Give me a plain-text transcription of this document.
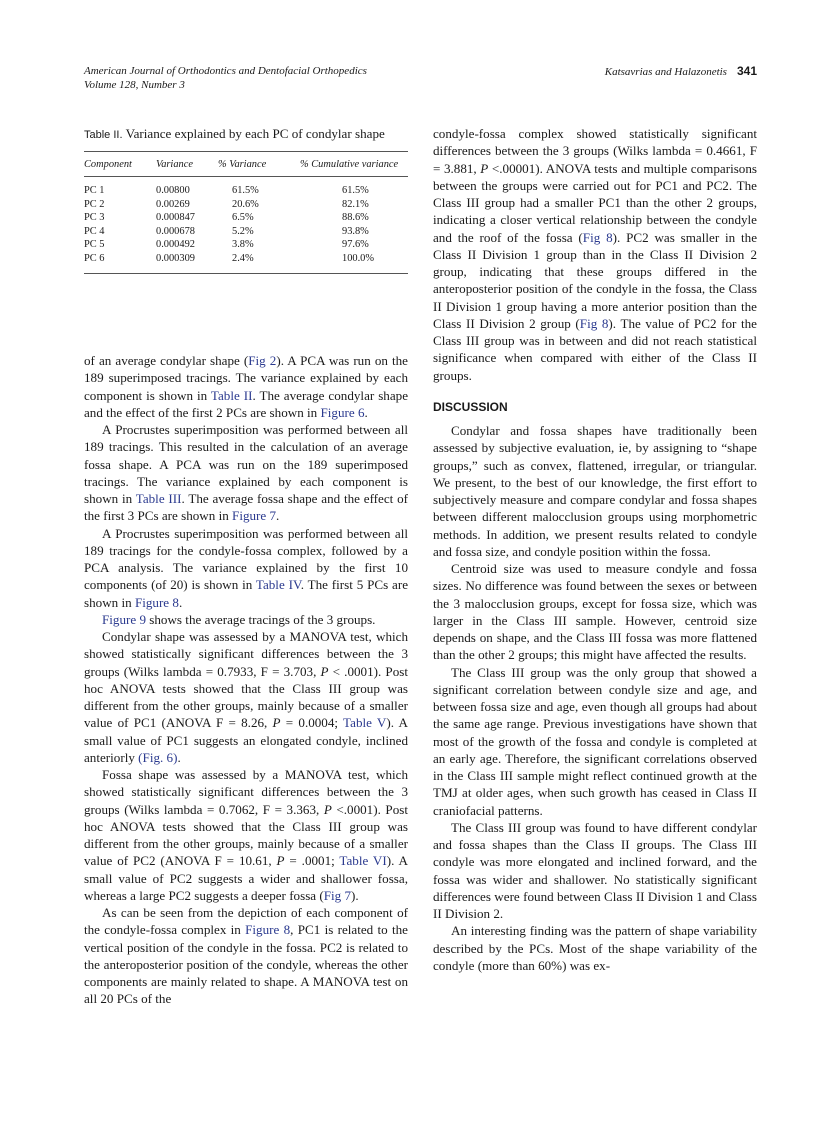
American Journal of Orthodontics and Dentofacial Orthopedics
Volume 128, Number 3
Katsavrias and Halazonetis 341

Table II. Variance explained by each PC of condylar shape

Component	Variance	% Variance	% Cumulative variance
PC 1	0.00800	61.5%	61.5%
PC 2	0.00269	20.6%	82.1%
PC 3	0.000847	6.5%	88.6%
PC 4	0.000678	5.2%	93.8%
PC 5	0.000492	3.8%	97.6%
PC 6	0.000309	2.4%	100.0%

of an average condylar shape (Fig 2). A PCA was run on the 189 superimposed tracings. The variance explained by each component is shown in Table II. The average condylar shape and the effect of the first 2 PCs are shown in Figure 6.

A Procrustes superimposition was performed between all 189 tracings. This resulted in the calculation of an average fossa shape. A PCA was run on the 189 superimposed tracings. The variance explained by each component is shown in Table III. The average fossa shape and the effect of the first 3 PCs are shown in Figure 7.

A Procrustes superimposition was performed between all 189 tracings for the condyle-fossa complex, followed by a PCA analysis. The variance explained by the first 10 components (of 20) is shown in Table IV. The first 5 PCs are shown in Figure 8.

Figure 9 shows the average tracings of the 3 groups.

Condylar shape was assessed by a MANOVA test, which showed statistically significant differences between the 3 groups (Wilks lambda = 0.7933, F = 3.703, P < .0001). Post hoc ANOVA tests showed that the Class III group was different from the other groups, mainly because of a smaller value of PC1 (ANOVA F = 8.26, P = 0.0004; Table V). A small value of PC1 suggests an elongated condyle, inclined anteriorly (Fig. 6).

Fossa shape was assessed by a MANOVA test, which showed statistically significant differences between the 3 groups (Wilks lambda = 0.7062, F = 3.363, P <.0001). Post hoc ANOVA tests showed that the Class III group was different from the other groups, mainly because of a smaller value of PC2 (ANOVA F = 10.61, P = .0001; Table VI). A small value of PC2 suggests a wider and shallower fossa, whereas a large PC2 suggests a deeper fossa (Fig 7).

As can be seen from the depiction of each component of the condyle-fossa complex in Figure 8, PC1 is related to the vertical position of the condyle in the fossa. PC2 is related to the anteroposterior position of the condyle, whereas the other components are mainly related to shape. A MANOVA test on all 20 PCs of the

condyle-fossa complex showed statistically significant differences between the 3 groups (Wilks lambda = 0.4661, F = 3.881, P <.00001). ANOVA tests and multiple comparisons between the groups were carried out for PC1 and PC2. The Class III group had a smaller PC1 than the other 2 groups, indicating a closer vertical relationship between the condyle and the roof of the fossa (Fig 8). PC2 was smaller in the Class II Division 1 group than in the Class II Division 2 group, indicating that these groups differed in the anteroposterior position of the condyle in the fossa, the Class II Division 1 group having a more anterior position than the Class II Division 2 group (Fig 8). The value of PC2 for the Class III group was in between and did not reach statistical significance when compared with either of the Class II groups.

DISCUSSION

Condylar and fossa shapes have traditionally been assessed by subjective evaluation, ie, by assigning to “shape groups,” such as convex, flattened, irregular, or triangular. We present, to the best of our knowledge, the first effort to subjectively measure and compare condylar and fossa shapes between different malocclusion groups using morphometric methods. In addition, we present results related to condyle and fossa size, and condyle position within the fossa.

Centroid size was used to measure condyle and fossa sizes. No difference was found between the sexes or between the 3 malocclusion groups, except for fossa size, which was larger in the Class III sample. However, centroid size depends on shape, and the Class III fossa was more flattened than the other 2 groups; this might have affected the results.

The Class III group was the only group that showed a significant correlation between condyle size and age, and between fossa size and age, even though all groups had about the same age range. Previous investigations have shown that most of the growth of the fossa and condyle is completed at an early age. Therefore, the significant correlations observed in the Class III sample might reflect continued growth at the TMJ at older ages, when such growth has ceased in Class II craniofacial patterns.

The Class III group was found to have different condylar and fossa shapes than the Class II groups. The Class III condyle was more elongated and inclined forward, and the fossa was wider and shallower. No statistically significant differences were found between Class II Division 1 and Class II Division 2.

An interesting finding was the pattern of shape variability described by the PCs. Most of the shape variability of the condyle (more than 60%) was ex-
